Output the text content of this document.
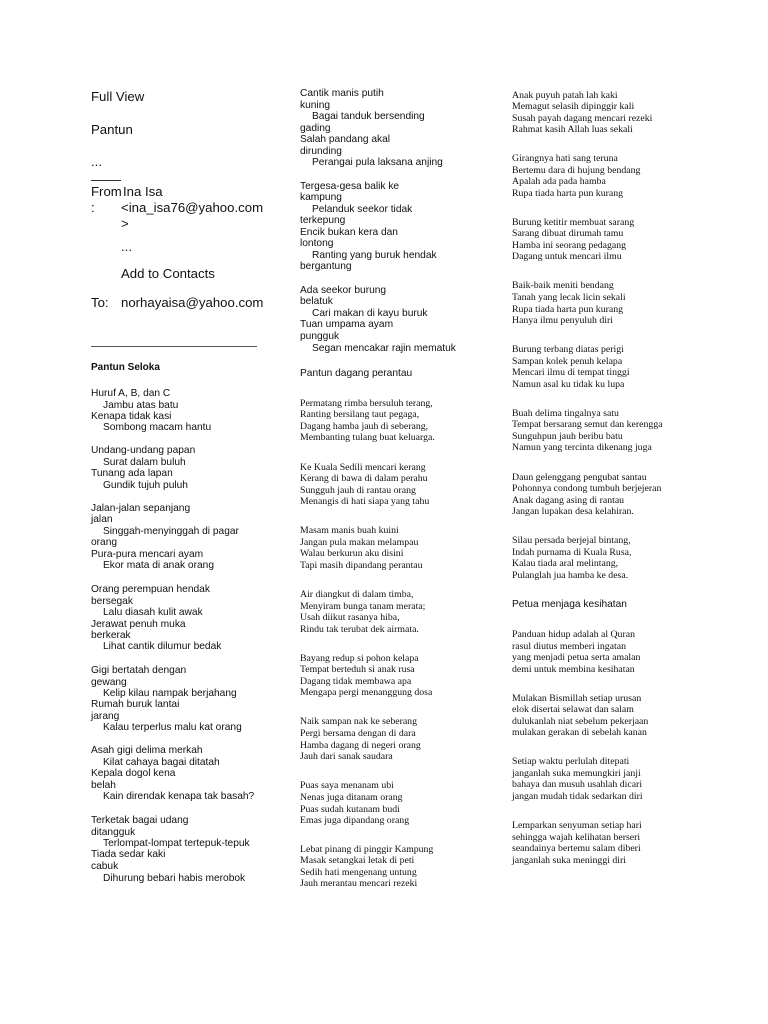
Full View
Pantun
...
From Ina Isa
: <ina_isa76@yahoo.com
>
...
Add to Contacts
To: norhayaisa@yahoo.com
Pantun Seloka
Huruf A, B, dan C
Jambu atas batu
Kenapa tidak kasi
Sombong macam hantu
Undang-undang papan
Surat dalam buluh
Tunang ada lapan
Gundik tujuh puluh
Jalan-jalan sepanjang
jalan
Singgah-menyinggah di pagar
orang
Pura-pura mencari ayam
Ekor mata di anak orang
Orang perempuan hendak
bersegak
Lalu diasah kulit awak
Jerawat penuh muka
berkerak
Lihat cantik dilumur bedak
Gigi bertatah dengan
gewang
Kelip kilau nampak berjahang
Rumah buruk lantai
jarang
Kalau terperlus malu kat orang
Asah gigi delima merkah
Kilat cahaya bagai ditatah
Kepala dogol kena
belah
Kain direndak kenapa tak basah?
Terketak bagai udang
ditangguk
Terlompat-lompat tertepuk-tepuk
Tiada sedar kaki
cabuk
Dihurung bebari habis merobok
Cantik manis putih
kuning
Bagai tanduk bersending
gading
Salah pandang akal
dirunding
Perangai pula laksana anjing
Tergesa-gesa balik ke
kampung
Pelanduk seekor tidak
terkepung
Encik bukan kera dan
lontong
Ranting yang buruk hendak
bergantung
Ada seekor burung
belatuk
Cari makan di kayu buruk
Tuan umpama ayam
pungguk
Segan mencakar rajin mematuk
Pantun dagang perantau
Permatang rimba bersuluh terang,
Ranting bersilang taut pegaga,
Dagang hamba jauh di seberang,
Membanting tulang buat keluarga.
Ke Kuala Sedili mencari kerang
Kerang di bawa di dalam perahu
Sungguh jauh di rantau orang
Menangis di hati siapa yang tahu
Masam manis buah kuini
Jangan pula makan melampau
Walau berkurun aku disini
Tapi masih dipandang perantau
Air diangkut di dalam timba,
Menyiram bunga tanam merata;
Usah diikut rasanya hiba,
Rindu tak terubat dek airmata.
Bayang redup si pohon kelapa
Tempat berteduh si anak rusa
Dagang tidak membawa apa
Mengapa pergi menanggung dosa
Naik sampan nak ke seberang
Pergi bersama dengan di dara
Hamba dagang di negeri orang
Jauh dari sanak saudara
Puas saya menanam ubi
Nenas juga ditanam orang
Puas sudah kutanam budi
Emas juga dipandang orang
Lebat pinang di pinggir Kampung
Masak setangkai letak di peti
Sedih hati mengenang untung
Jauh merantau mencari rezeki
Anak puyuh patah lah kaki
Memagut selasih dipinggir kali
Susah payah dagang mencari rezeki
Rahmat kasih Allah luas sekali
Girangnya hati sang teruna
Bertemu dara di hujung bendang
Apalah ada pada hamba
Rupa tiada harta pun kurang
Burung ketitir membuat sarang
Sarang dibuat dirumah tamu
Hamba ini seorang pedagang
Dagang untuk mencari ilmu
Baik-baik meniti bendang
Tanah yang lecak licin sekali
Rupa tiada harta pun kurang
Hanya ilmu penyuluh diri
Burung terbang diatas perigi
Sampan kolek penuh kelapa
Mencari ilmu di tempat tinggi
Namun asal ku tidak ku lupa
Buah delima tingalnya satu
Tempat bersarang semut dan kerengga
Sunguhpun jauh beribu batu
Namun yang tercinta dikenang juga
Daun gelenggang pengubat santau
Pohonnya condong tumbuh berjejeran
Anak dagang asing di rantau
Jangan lupakan desa kelahiran.
Silau persada berjejal bintang,
Indah purnama di Kuala Rusa,
Kalau tiada aral melintang,
Pulanglah jua hamba ke desa.
Petua menjaga kesihatan
Panduan hidup adalah al Quran
rasul diutus memberi ingatan
yang menjadi petua serta amalan
demi untuk membina kesihatan
Mulakan Bismillah setiap urusan
elok disertai selawat dan salam
dulukanlah niat sebelum pekerjaan
mulakan gerakan di sebelah kanan
Setiap waktu perlulah ditepati
janganlah suka memungkiri janji
bahaya dan musuh usahlah dicari
jangan mudah tidak sedarkan diri
Lemparkan senyuman setiap hari
sehingga wajah kelihatan berseri
seandainya bertemu salam diberi
janganlah suka meninggi diri
